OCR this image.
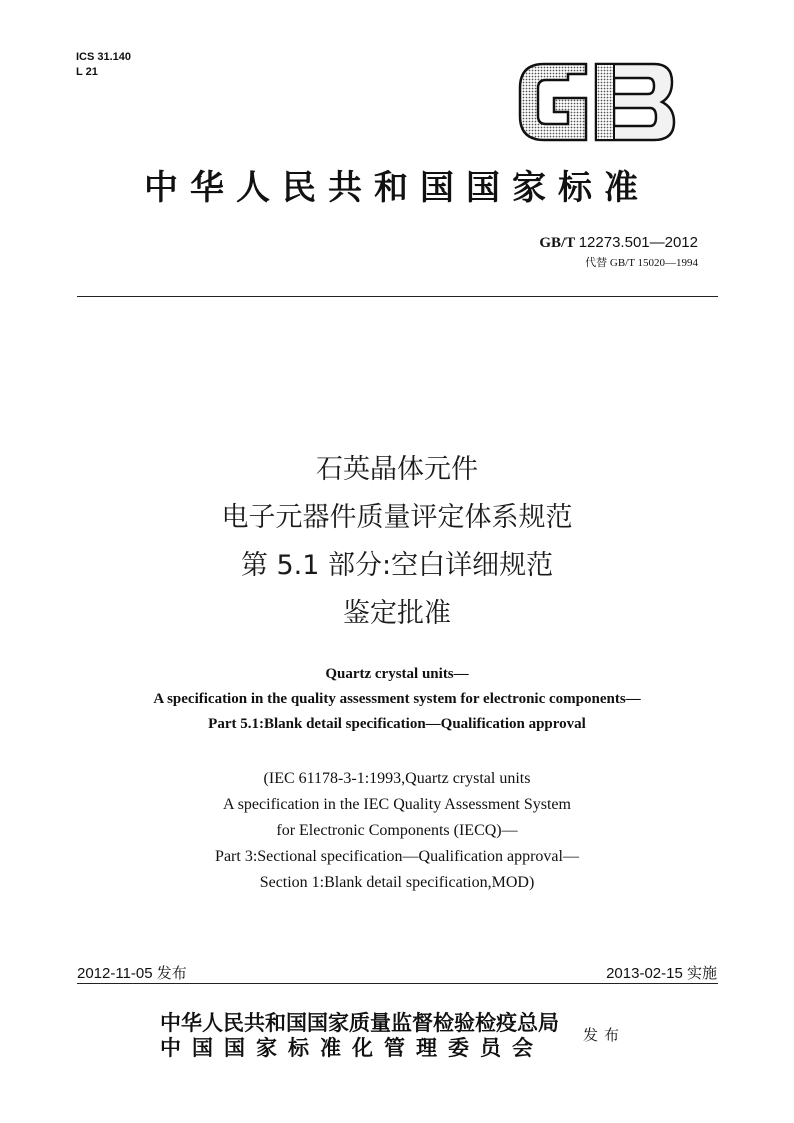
ICS 31.140
L 21
中华人民共和国国家标准
GB/T 12273.501—2012
代替 GB/T 15020—1994
石英晶体元件
电子元器件质量评定体系规范
第 5.1 部分:空白详细规范
鉴定批准
Quartz crystal units—
A specification in the quality assessment system for electronic components—
Part 5.1:Blank detail specification—Qualification approval
(IEC 61178-3-1:1993,Quartz crystal units
A specification in the IEC Quality Assessment System
for Electronic Components (IECQ)—
Part 3:Sectional specification—Qualification approval—
Section 1:Blank detail specification,MOD)
2012-11-05 发布	2013-02-15 实施
中华人民共和国国家质量监督检验检疫总局
中国国家标准化管理委员会	发布
